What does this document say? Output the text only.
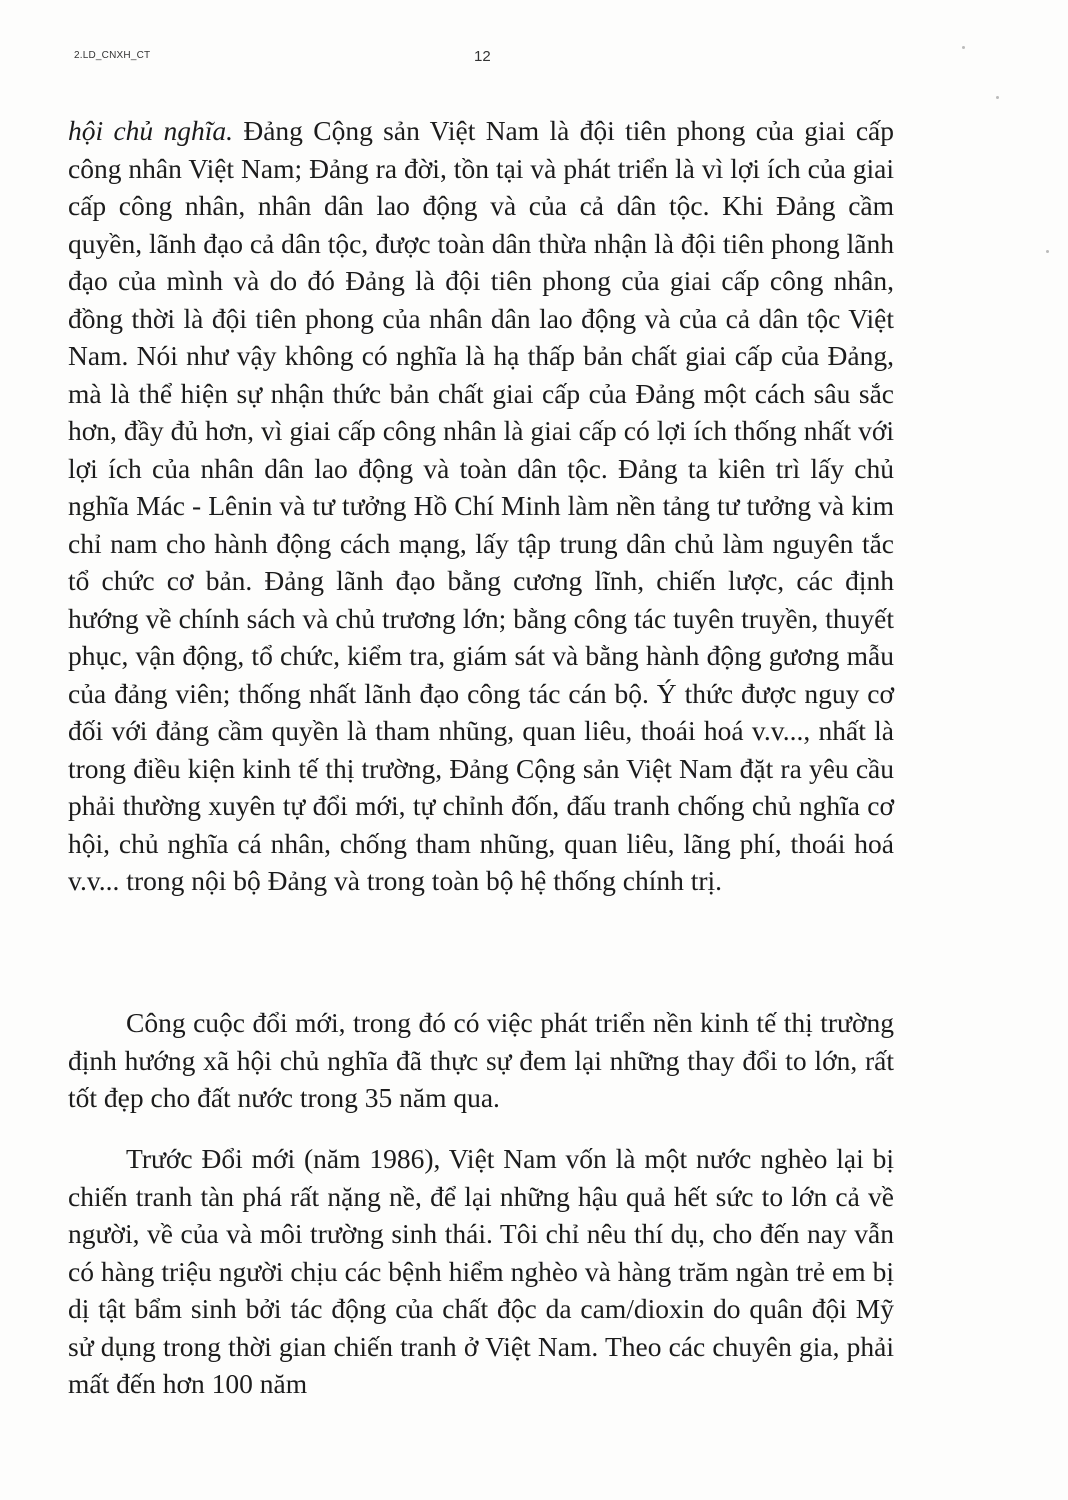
2.LD_CNXH_CT	12

hội chủ nghĩa. Đảng Cộng sản Việt Nam là đội tiên phong của giai cấp công nhân Việt Nam; Đảng ra đời, tồn tại và phát triển là vì lợi ích của giai cấp công nhân, nhân dân lao động và của cả dân tộc. Khi Đảng cầm quyền, lãnh đạo cả dân tộc, được toàn dân thừa nhận là đội tiên phong lãnh đạo của mình và do đó Đảng là đội tiên phong của giai cấp công nhân, đồng thời là đội tiên phong của nhân dân lao động và của cả dân tộc Việt Nam. Nói như vậy không có nghĩa là hạ thấp bản chất giai cấp của Đảng, mà là thể hiện sự nhận thức bản chất giai cấp của Đảng một cách sâu sắc hơn, đầy đủ hơn, vì giai cấp công nhân là giai cấp có lợi ích thống nhất với lợi ích của nhân dân lao động và toàn dân tộc. Đảng ta kiên trì lấy chủ nghĩa Mác - Lênin và tư tưởng Hồ Chí Minh làm nền tảng tư tưởng và kim chỉ nam cho hành động cách mạng, lấy tập trung dân chủ làm nguyên tắc tổ chức cơ bản. Đảng lãnh đạo bằng cương lĩnh, chiến lược, các định hướng về chính sách và chủ trương lớn; bằng công tác tuyên truyền, thuyết phục, vận động, tổ chức, kiểm tra, giám sát và bằng hành động gương mẫu của đảng viên; thống nhất lãnh đạo công tác cán bộ. Ý thức được nguy cơ đối với đảng cầm quyền là tham nhũng, quan liêu, thoái hoá v.v..., nhất là trong điều kiện kinh tế thị trường, Đảng Cộng sản Việt Nam đặt ra yêu cầu phải thường xuyên tự đổi mới, tự chỉnh đốn, đấu tranh chống chủ nghĩa cơ hội, chủ nghĩa cá nhân, chống tham nhũng, quan liêu, lãng phí, thoái hoá v.v... trong nội bộ Đảng và trong toàn bộ hệ thống chính trị.

Công cuộc đổi mới, trong đó có việc phát triển nền kinh tế thị trường định hướng xã hội chủ nghĩa đã thực sự đem lại những thay đổi to lớn, rất tốt đẹp cho đất nước trong 35 năm qua.

Trước Đổi mới (năm 1986), Việt Nam vốn là một nước nghèo lại bị chiến tranh tàn phá rất nặng nề, để lại những hậu quả hết sức to lớn cả về người, về của và môi trường sinh thái. Tôi chỉ nêu thí dụ, cho đến nay vẫn có hàng triệu người chịu các bệnh hiểm nghèo và hàng trăm ngàn trẻ em bị dị tật bẩm sinh bởi tác động của chất độc da cam/dioxin do quân đội Mỹ sử dụng trong thời gian chiến tranh ở Việt Nam. Theo các chuyên gia, phải mất đến hơn 100 năm
